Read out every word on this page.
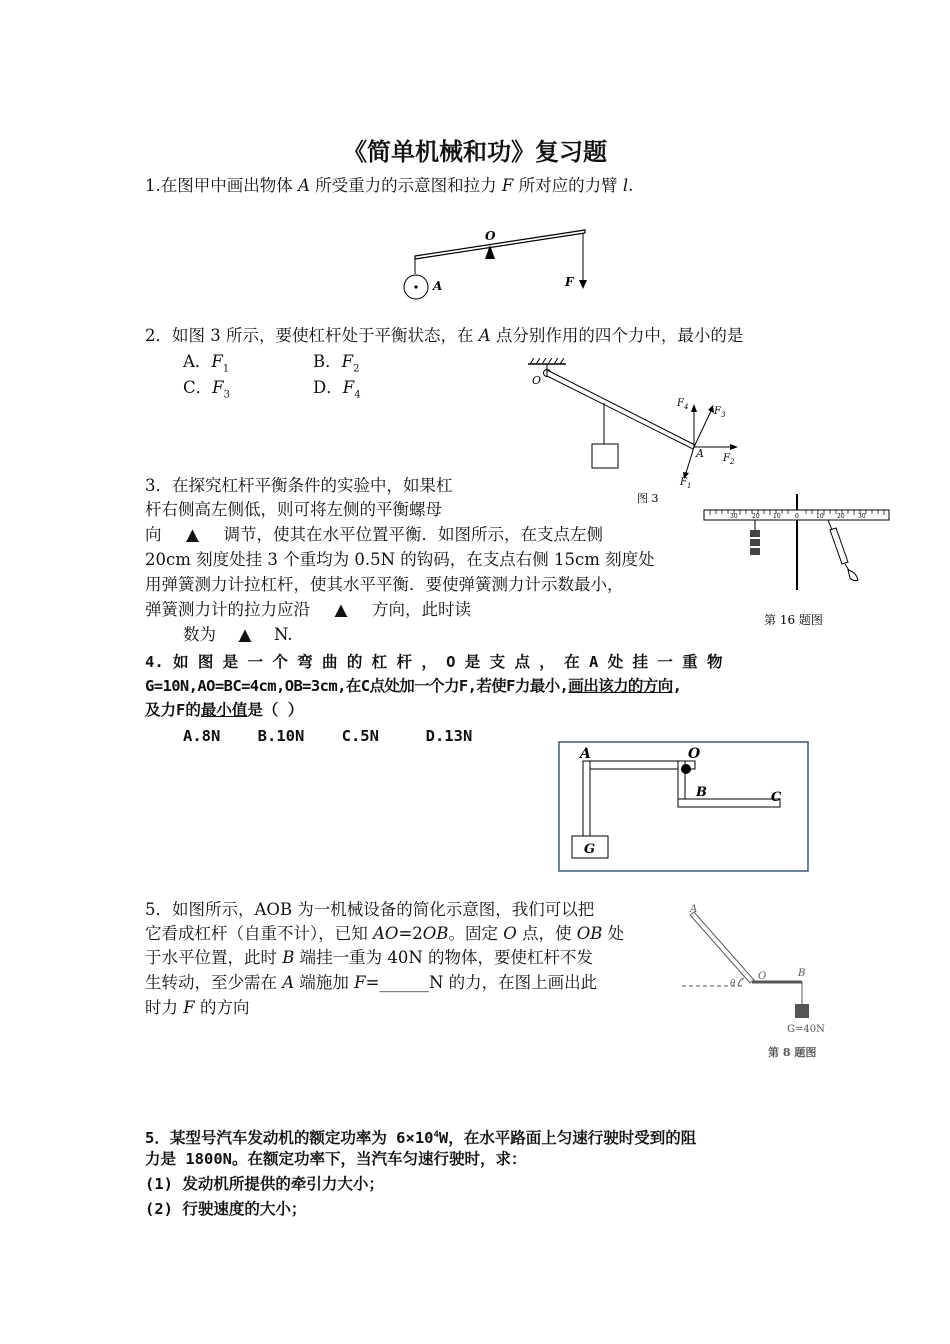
《简单机械和功》复习题
1.在图甲中画出物体 A 所受重力的示意图和拉力 F 所对应的力臂 l.
O
A	F
2．如图 3 所示，要使杠杆处于平衡状态，在 A 点分别作用的四个力中，最小的是
A．$F_1$	B．$F_2$
C．$F_3$	D．$F_4$
O
$F_4$	$F_3$
$F_2$
$F_1$
A
图 3
3．在探究杠杆平衡条件的实验中，如果杠
杆右侧高左侧低，则可将左侧的平衡螺母
向 ▲ 调节，使其在水平位置平衡．如图所示，在支点左侧
20cm 刻度处挂 3 个重均为 0.5N 的钩码，在支点右侧 15cm 刻度处
用弹簧测力计拉杠杆，使其水平平衡．要使弹簧测力计示数最小，
弹簧测力计的拉力应沿 ▲ 方向，此时读
数为 ▲ N.
30 20 10 0	10 20 30
第 16 题图
4. 如 图 是 一 个 弯 曲 的 杠 杆 ， O 是 支 点 ， 在 A 处 挂 一 重 物
G=10N,AO=BC=4cm,OB=3cm,在C点处加一个力F,若使F力最小,画出该力的方向,
及力F的最小值是（ ）
A.8N    B.10N    C.5N     D.13N
A	O
B	C
G
5．如图所示，AOB 为一机械设备的简化示意图，我们可以把
它看成杠杆（自重不计），已知 AO=2OB。固定 O 点，使 OB 处
于水平位置，此时 B 端挂一重为 40N 的物体，要使杠杆不发
生转动，至少需在 A 端施加 F=______N 的力，在图上画出此
时力 F 的方向
A
O	B
θ
G=40N
第 8 题图
5．某型号汽车发动机的额定功率为 $6\times 10^4W$，在水平路面上匀速行驶时受到的阻
力是 1800N。在额定功率下，当汽车匀速行驶时，求：
(1) 发动机所提供的牵引力大小；
(2) 行驶速度的大小；
